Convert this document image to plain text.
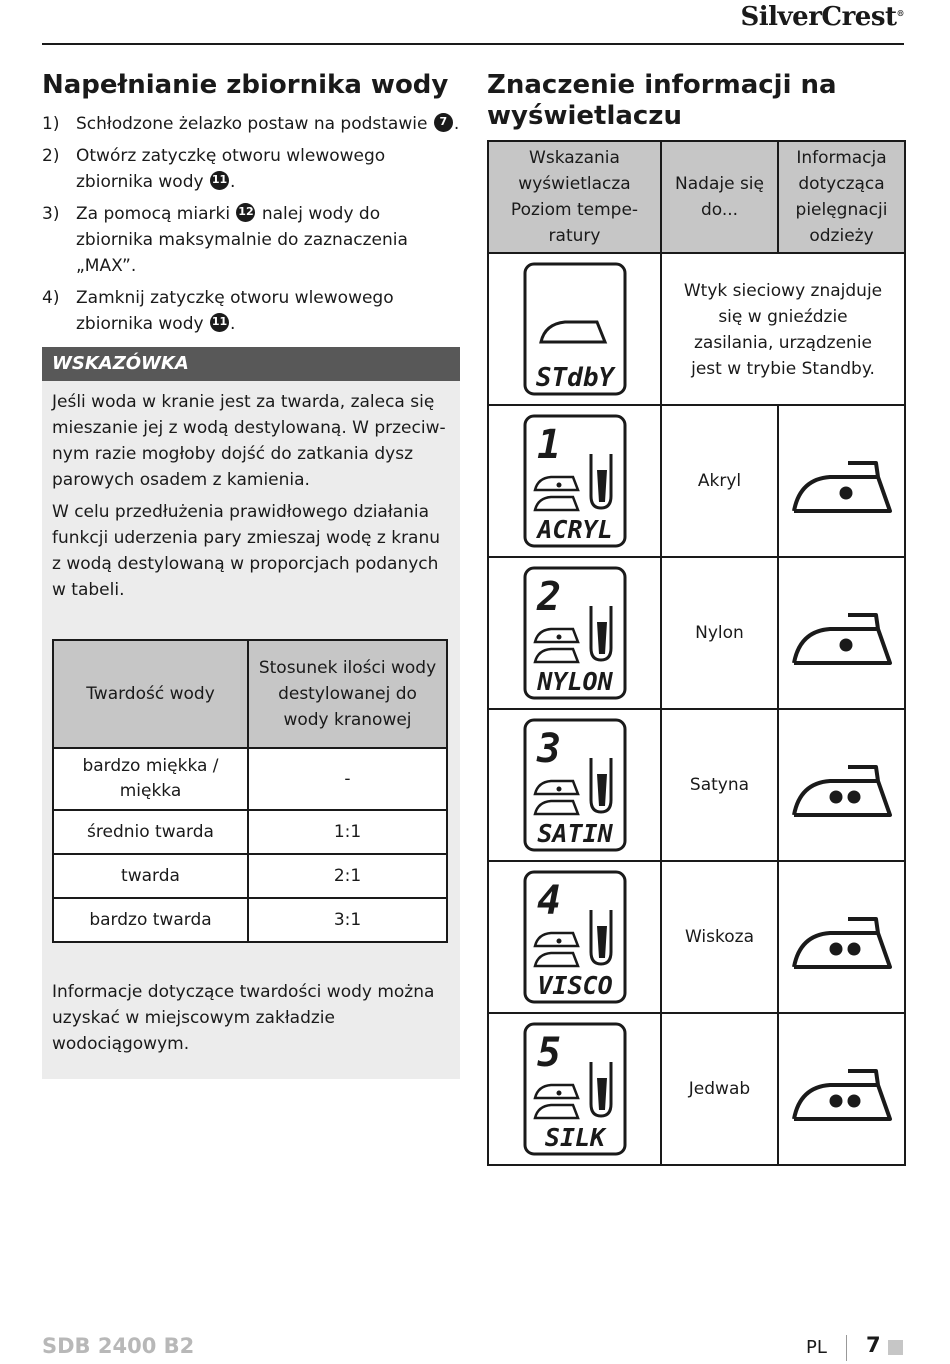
SilverCrest®
Napełnianie zbiornika wody
1) Schłodzone żelazko postaw na podstawie 7 .
2) Otwórz zatyczkę otworu wlewowego zbiornika wody 11 .
3) Za pomocą miarki 12 nalej wody do zbiornika maksymalnie do zaznaczenia „MAX”.
4) Zamknij zatyczkę otworu wlewowego zbiornika wody 11 .
WSKAZÓWKA

Jeśli woda w kranie jest za twarda, zaleca się mieszanie jej z wodą destylowaną. W przeciw-nym razie mogłoby dojść do zatkania dysz parowych osadem z kamienia.

W celu przedłużenia prawidłowego działania funkcji uderzenia pary zmieszaj wodę z kranu z wodą destylowaną w proporcjach podanych w tabeli.

Twardość wody	Stosunek ilości wody destylowanej do wody kranowej
bardzo miękka / miękka	-
średnio twarda	1:1
twarda	2:1
bardzo twarda	3:1

Informacje dotyczące twardości wody można uzyskać w miejscowym zakładzie wodociągowym.

Znaczenie informacji na wyświetlaczu
Wskazania wyświetlacza Poziom tempe-ratury	Nadaje się do...	Informacja dotycząca pielęgnacji odzieży

STdbY	Wtyk sieciowy znajduje się w gnieździe zasilania, urządzenie jest w trybie Standby.	

1
ACRYL	Akryl	

2
NYLON	Nylon	

3
SATIN	Satyna	

4
VISCO	Wiskoza	

5
SILK	Jedwab	
SDB 2400 B2	PL 7
